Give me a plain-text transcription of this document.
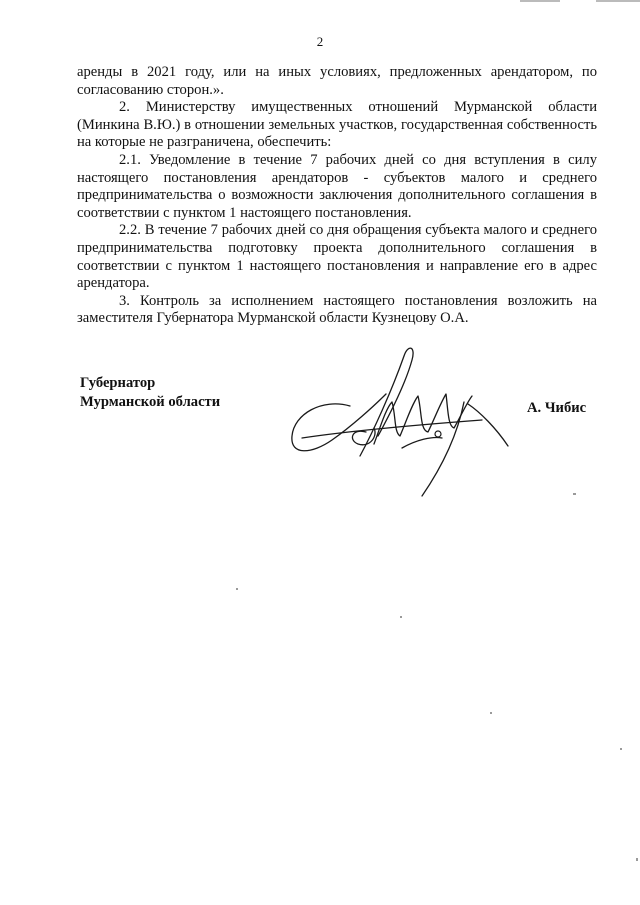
2

аренды в 2021 году, или на иных условиях, предложенных арендатором, по согласованию сторон.».

2. Министерству имущественных отношений Мурманской области (Минкина В.Ю.) в отношении земельных участков, государственная собственность на которые не разграничена, обеспечить:

2.1. Уведомление в течение 7 рабочих дней со дня вступления в силу настоящего постановления арендаторов - субъектов малого и среднего предпринимательства о возможности заключения дополнительного соглашения в соответствии с пунктом 1 настоящего постановления.

2.2. В течение 7 рабочих дней со дня обращения субъекта малого и среднего предпринимательства подготовку проекта дополнительного соглашения в соответствии с пунктом 1 настоящего постановления и направление его в адрес арендатора.

3. Контроль за исполнением настоящего постановления возложить на заместителя Губернатора Мурманской области Кузнецову О.А.

Губернатор
Мурманской области	А. Чибис
